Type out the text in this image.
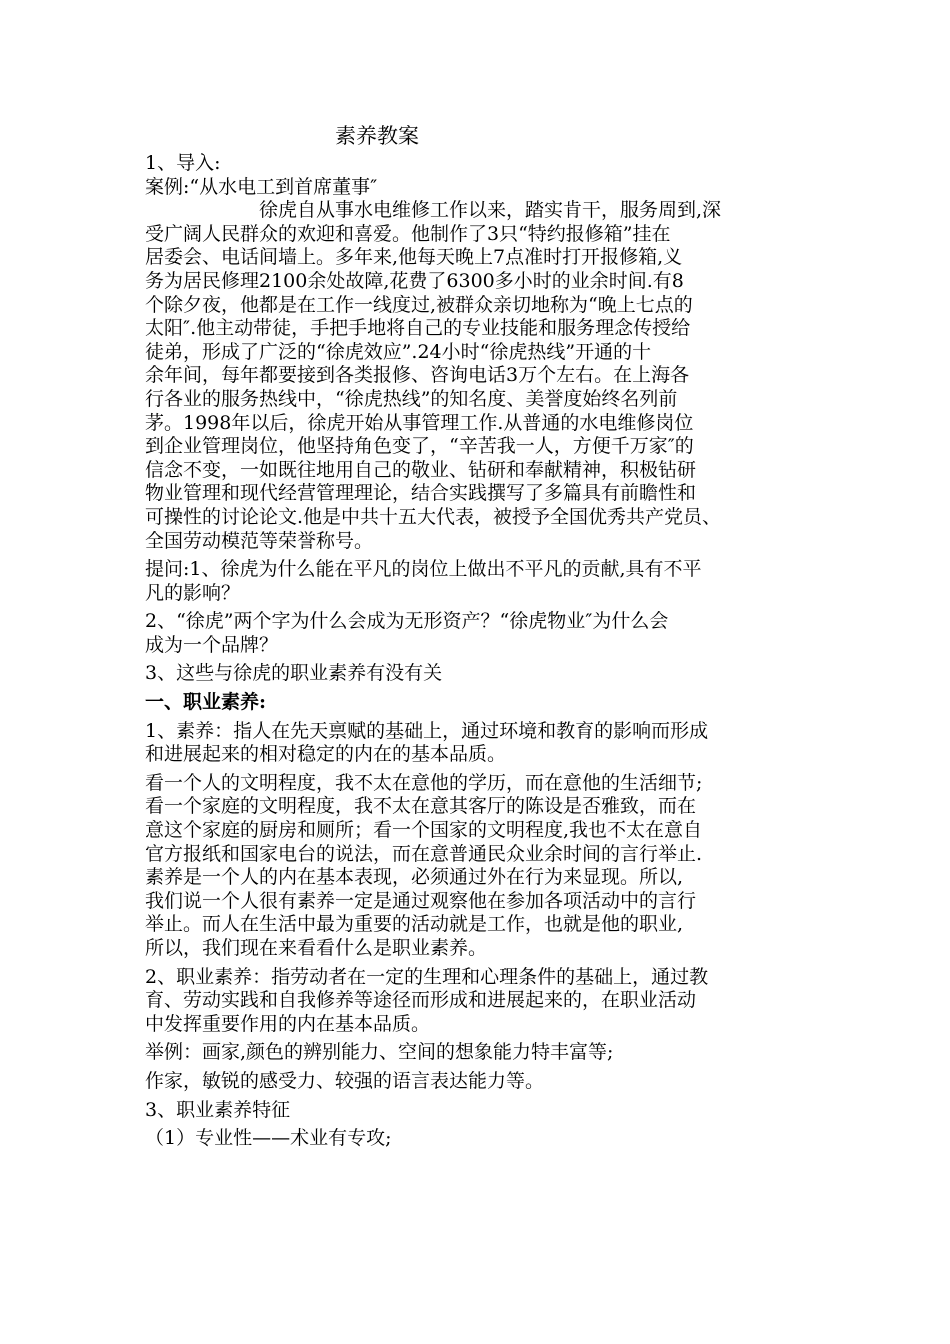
素养教案
1、导入:
案例:“从水电工到首席董事″
徐虎自从事水电维修工作以来，踏实肯干，服务周到,深
受广阔人民群众的欢迎和喜爱。他制作了3只“特约报修箱”挂在
居委会、电话间墙上。多年来,他每天晚上7点准时打开报修箱,义
务为居民修理2100余处故障,花费了6300多小时的业余时间.有8
个除夕夜，他都是在工作一线度过,被群众亲切地称为“晚上七点的
太阳″.他主动带徒，手把手地将自己的专业技能和服务理念传授给
徒弟，形成了广泛的“徐虎效应”.24小时“徐虎热线”开通的十
余年间，每年都要接到各类报修、咨询电话3万个左右。在上海各
行各业的服务热线中，“徐虎热线”的知名度、美誉度始终名列前
茅。1998年以后，徐虎开始从事管理工作.从普通的水电维修岗位
到企业管理岗位，他坚持角色变了，“辛苦我一人，方便千万家″的
信念不变，一如既往地用自己的敬业、钻研和奉献精神，积极钻研
物业管理和现代经营管理理论，结合实践撰写了多篇具有前瞻性和
可操性的讨论论文.他是中共十五大代表，被授予全国优秀共产党员、
全国劳动模范等荣誉称号。
提问:1、徐虎为什么能在平凡的岗位上做出不平凡的贡献,具有不平
凡的影响？
2、“徐虎”两个字为什么会成为无形资产？“徐虎物业″为什么会
成为一个品牌？
3、这些与徐虎的职业素养有没有关
一、职业素养:
1、素养：指人在先天禀赋的基础上，通过环境和教育的影响而形成
和进展起来的相对稳定的内在的基本品质。
看一个人的文明程度，我不太在意他的学历，而在意他的生活细节;
看一个家庭的文明程度，我不太在意其客厅的陈设是否雅致，而在
意这个家庭的厨房和厕所；看一个国家的文明程度,我也不太在意自
官方报纸和国家电台的说法，而在意普通民众业余时间的言行举止.
素养是一个人的内在基本表现，必须通过外在行为来显现。所以,
我们说一个人很有素养一定是通过观察他在参加各项活动中的言行
举止。而人在生活中最为重要的活动就是工作，也就是他的职业,
所以，我们现在来看看什么是职业素养。
2、职业素养：指劳动者在一定的生理和心理条件的基础上，通过教
育、劳动实践和自我修养等途径而形成和进展起来的，在职业活动
中发挥重要作用的内在基本品质。
举例：画家,颜色的辨别能力、空间的想象能力特丰富等;
作家，敏锐的感受力、较强的语言表达能力等。
3、职业素养特征
（1）专业性——术业有专攻;
